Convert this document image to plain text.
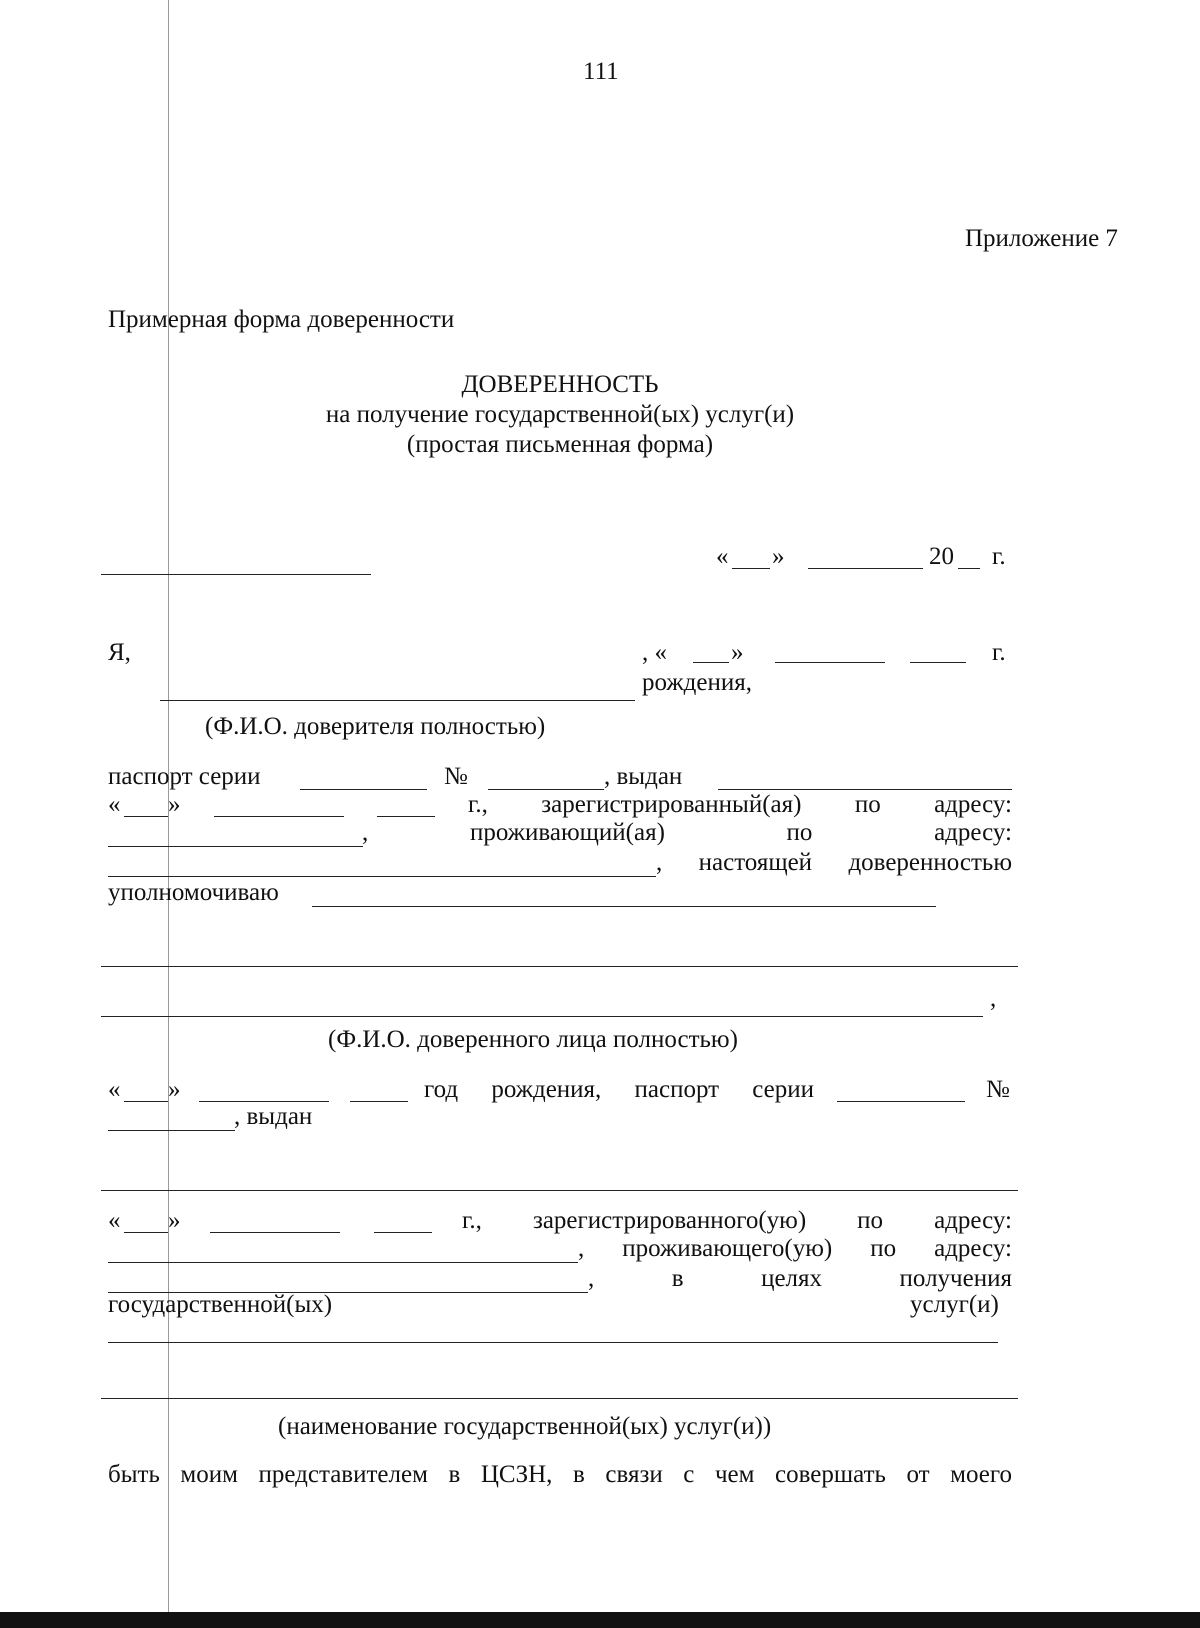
111
Приложение 7
Примерная форма доверенности
ДОВЕРЕННОСТЬ
на получение государственной(ых) услуг(и)
(простая письменная форма)
« »	20 г.
Я,	, «	»	г.
рождения,
(Ф.И.О. доверителя полностью)
паспорт серии	№	, выдан
« »	г., зарегистрированный(ая) по адресу:
,	проживающий(ая) по адресу:
, настоящей доверенностью
уполномочиваю
,
(Ф.И.О. доверенного лица полностью)
« »	год рождения, паспорт серии	№
, выдан
« »	г., зарегистрированного(ую) по адресу:
, проживающего(ую) по адресу:
, в целях получения
государственной(ых)	услуг(и)
(наименование государственной(ых) услуг(и))
быть моим представителем в ЦСЗН, в связи с чем совершать от моего
